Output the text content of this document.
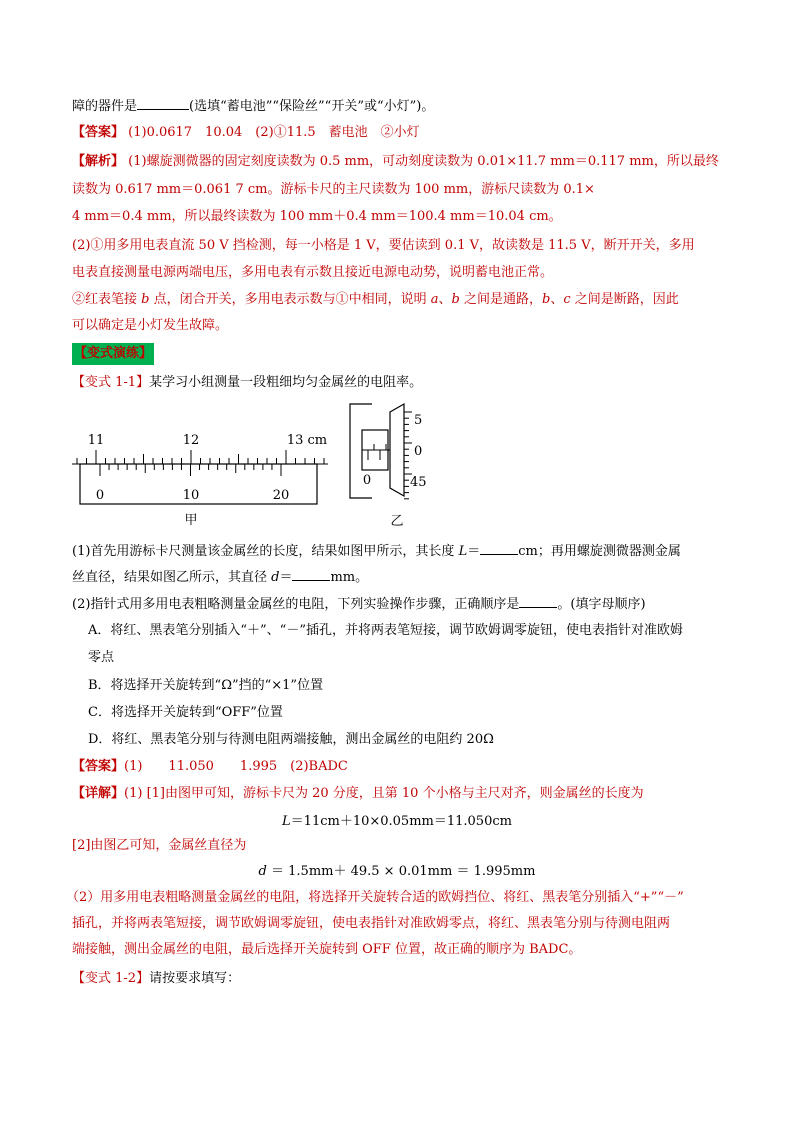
障的器件是	(选填“蓄电池”“保险丝”“开关”或“小灯”)。
【答案】 (1)0.0617　10.04　(2)①11.5　蓄电池　②小灯
【解析】 (1)螺旋测微器的固定刻度读数为 0.5 mm，可动刻度读数为 0.01×11.7 mm＝0.117 mm，所以最终
读数为 0.617 mm＝0.061 7 cm。游标卡尺的主尺读数为 100 mm，游标尺读数为 0.1×
4 mm＝0.4 mm，所以最终读数为 100 mm＋0.4 mm＝100.4 mm＝10.04 cm。
(2)①用多用电表直流 50 V 挡检测，每一小格是 1 V，要估读到 0.1 V，故读数是 11.5 V，断开开关，多用
电表直接测量电源两端电压，多用电表有示数且接近电源电动势，说明蓄电池正常。
②红表笔接 b 点，闭合开关，多用电表示数与①中相同，说明 a、b 之间是通路，b、c 之间是断路，因此
可以确定是小灯发生故障。
【变式演练】
【变式 1-1】某学习小组测量一段粗细均匀金属丝的电阻率。
11	12	13 cm
0	10	20
甲
0
5
0
45
乙
(1)首先用游标卡尺测量该金属丝的长度，结果如图甲所示，其长度 L＝	cm；再用螺旋测微器测金属
丝直径，结果如图乙所示，其直径 d＝	mm。
(2)指针式用多用电表粗略测量金属丝的电阻，下列实验操作步骤，正确顺序是	。(填字母顺序)
A．将红、黑表笔分别插入“＋”、“－”插孔，并将两表笔短接，调节欧姆调零旋钮，使电表指针对准欧姆
零点
B．将选择开关旋转到“Ω”挡的“×1”位置
C．将选择开关旋转到“OFF”位置
D．将红、黑表笔分别与待测电阻两端接触，测出金属丝的电阻约 20Ω
【答案】(1)　　11.050　　1.995　(2)BADC
【详解】(1) [1]由图甲可知，游标卡尺为 20 分度，且第 10 个小格与主尺对齐，则金属丝的长度为
L＝11cm＋10×0.05mm＝11.050cm
[2]由图乙可知，金属丝直径为
d ＝ 1.5mm＋ 49.5 × 0.01mm ＝ 1.995mm
（2）用多用电表粗略测量金属丝的电阻，将选择开关旋转合适的欧姆挡位、将红、黑表笔分别插入“+”“－”
插孔，并将两表笔短接，调节欧姆调零旋钮，使电表指针对准欧姆零点，将红、黑表笔分别与待测电阻两
端接触，测出金属丝的电阻，最后选择开关旋转到 OFF 位置，故正确的顺序为 BADC。
【变式 1-2】请按要求填写：
